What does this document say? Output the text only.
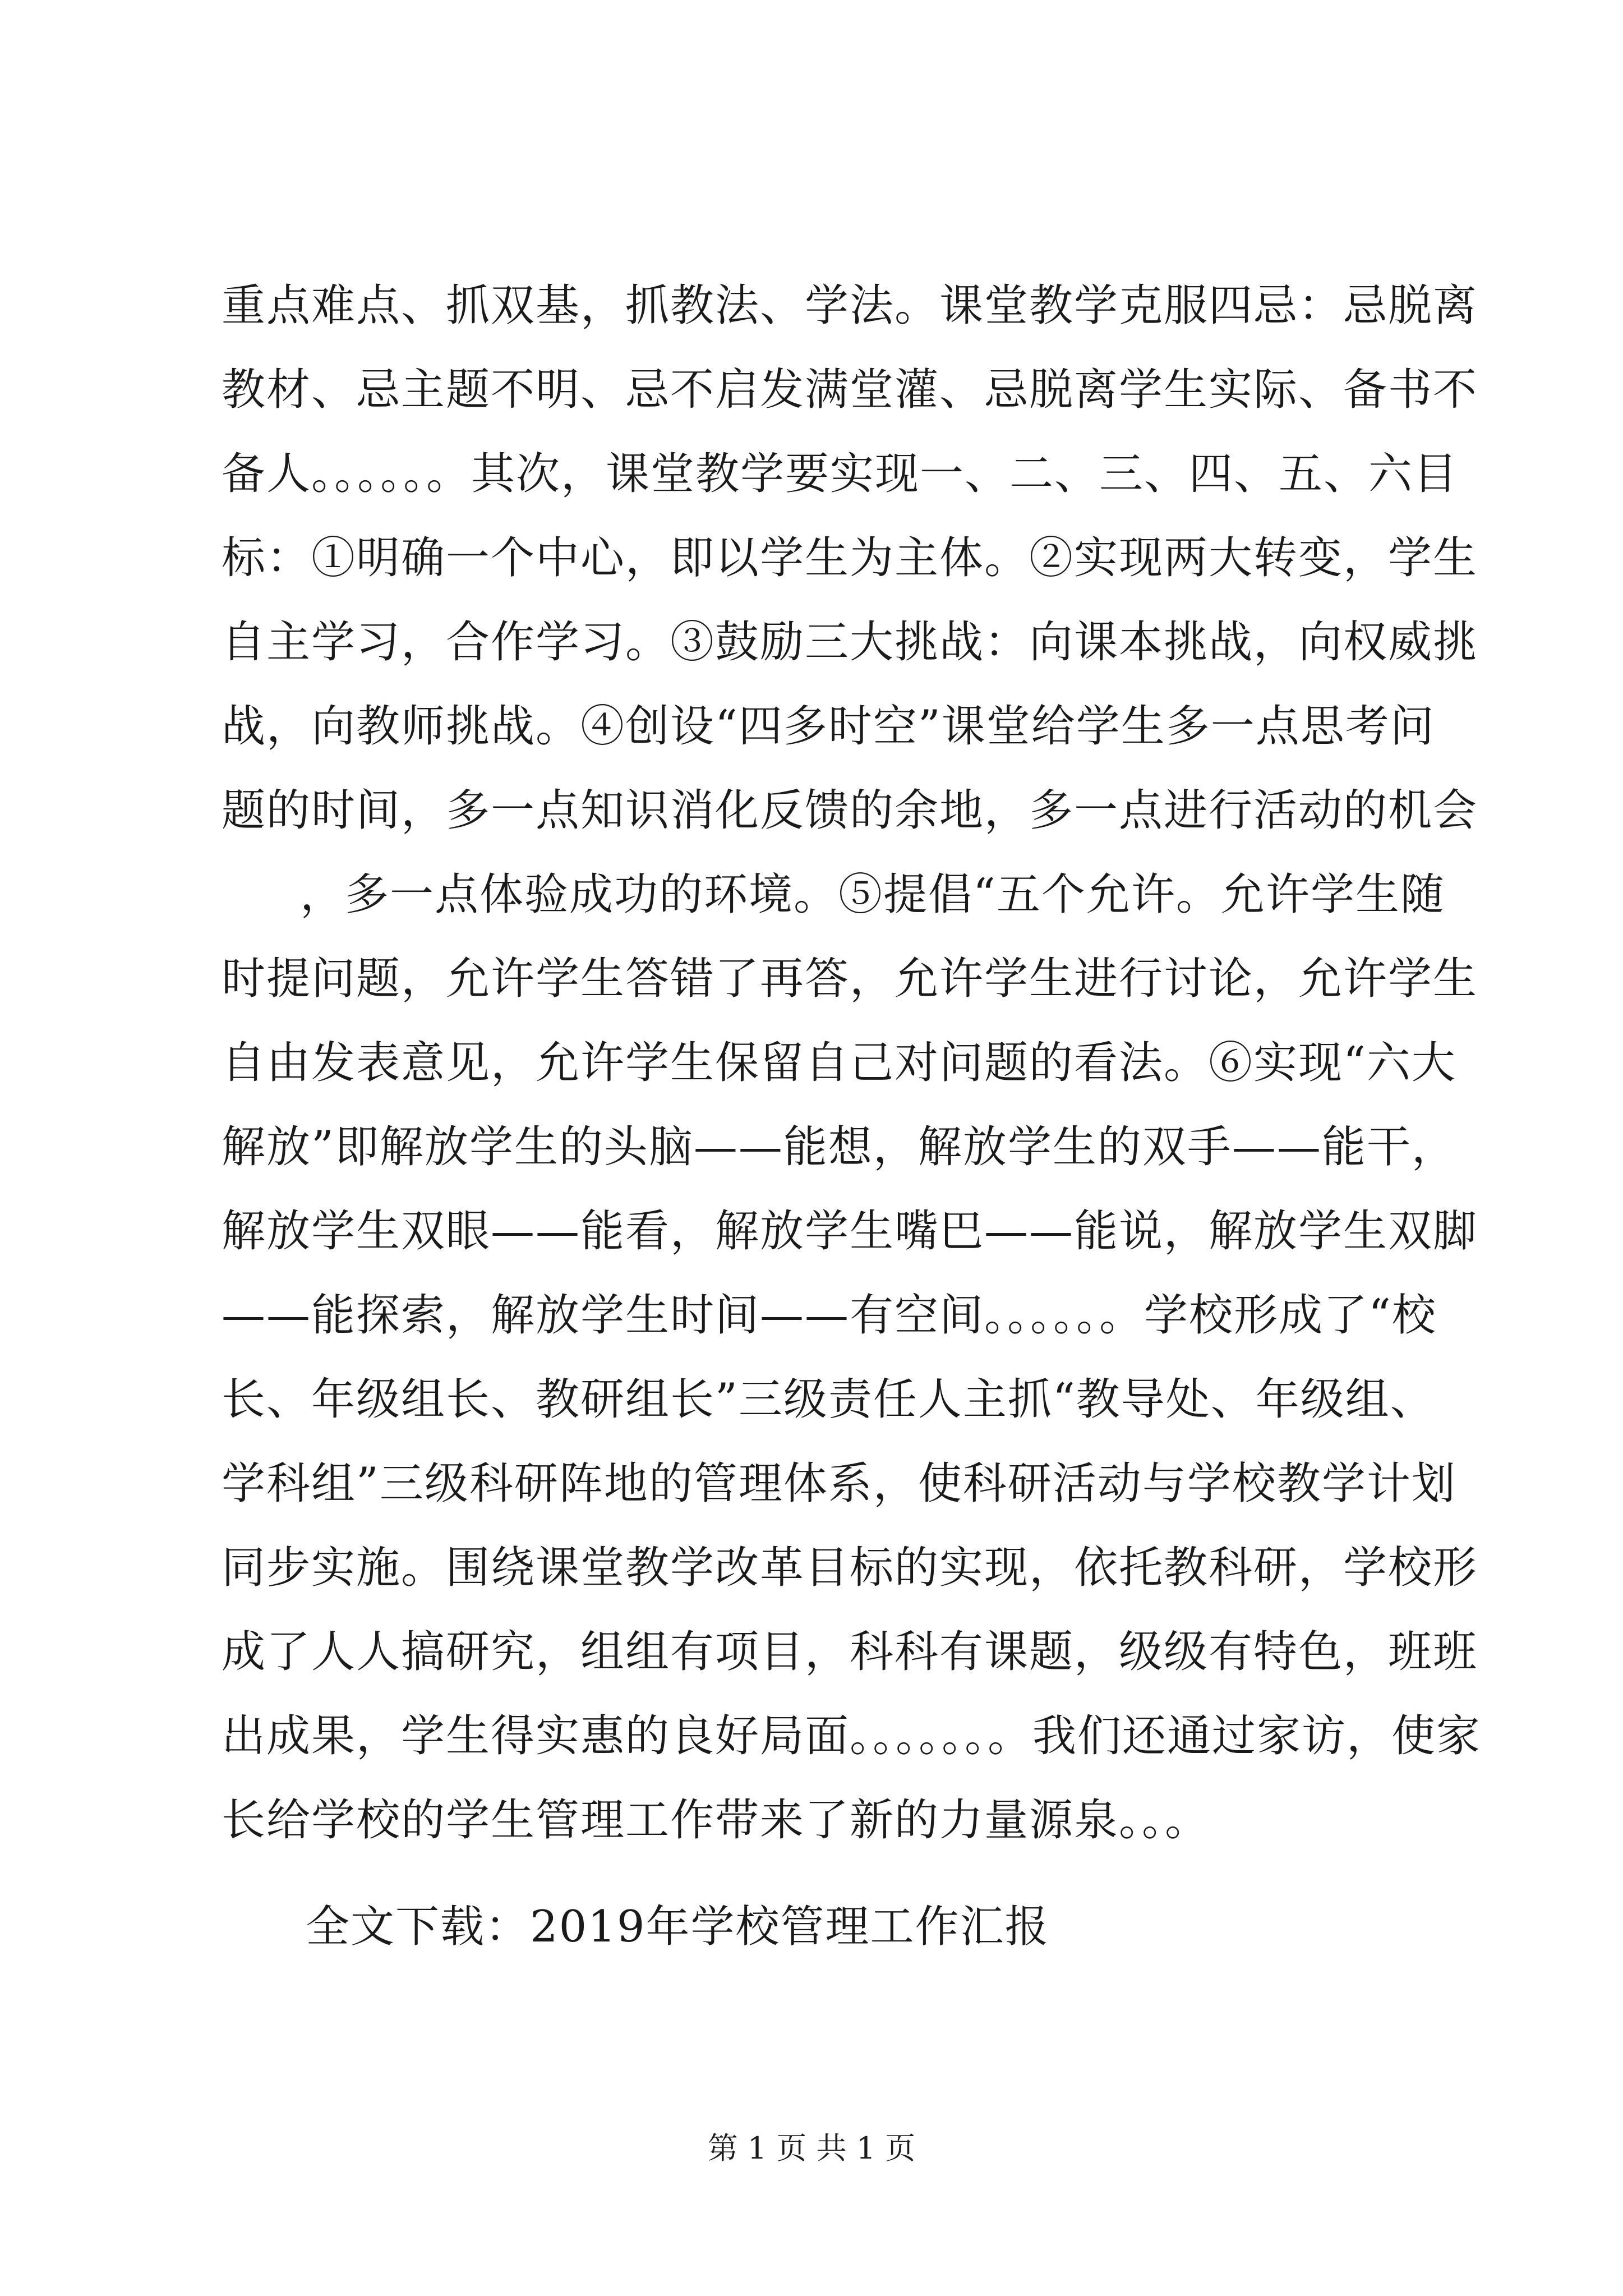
重点难点、抓双基，抓教法、学法。课堂教学克服四忌：忌脱离
教材、忌主题不明、忌不启发满堂灌、忌脱离学生实际、备书不
备人。。。。。。其次，课堂教学要实现一、二、三、四、五、六目
标：①明确一个中心，即以学生为主体。②实现两大转变，学生
自主学习，合作学习。③鼓励三大挑战：向课本挑战，向权威挑
战，向教师挑战。④创设“四多时空”课堂给学生多一点思考问
题的时间，多一点知识消化反馈的余地，多一点进行活动的机会
，多一点体验成功的环境。⑤提倡“五个允许。允许学生随
时提问题，允许学生答错了再答，允许学生进行讨论，允许学生
自由发表意见，允许学生保留自己对问题的看法。⑥实现“六大
解放”即解放学生的头脑——能想，解放学生的双手——能干，
解放学生双眼——能看，解放学生嘴巴——能说，解放学生双脚
——能探索，解放学生时间——有空间。。。。。。学校形成了“校
长、年级组长、教研组长”三级责任人主抓“教导处、年级组、
学科组”三级科研阵地的管理体系，使科研活动与学校教学计划
同步实施。围绕课堂教学改革目标的实现，依托教科研，学校形
成了人人搞研究，组组有项目，科科有课题，级级有特色，班班
出成果，学生得实惠的良好局面。。。。。。。我们还通过家访，使家
长给学校的学生管理工作带来了新的力量源泉。。。
全文下载：2019年学校管理工作汇报
第 1 页 共 1 页
